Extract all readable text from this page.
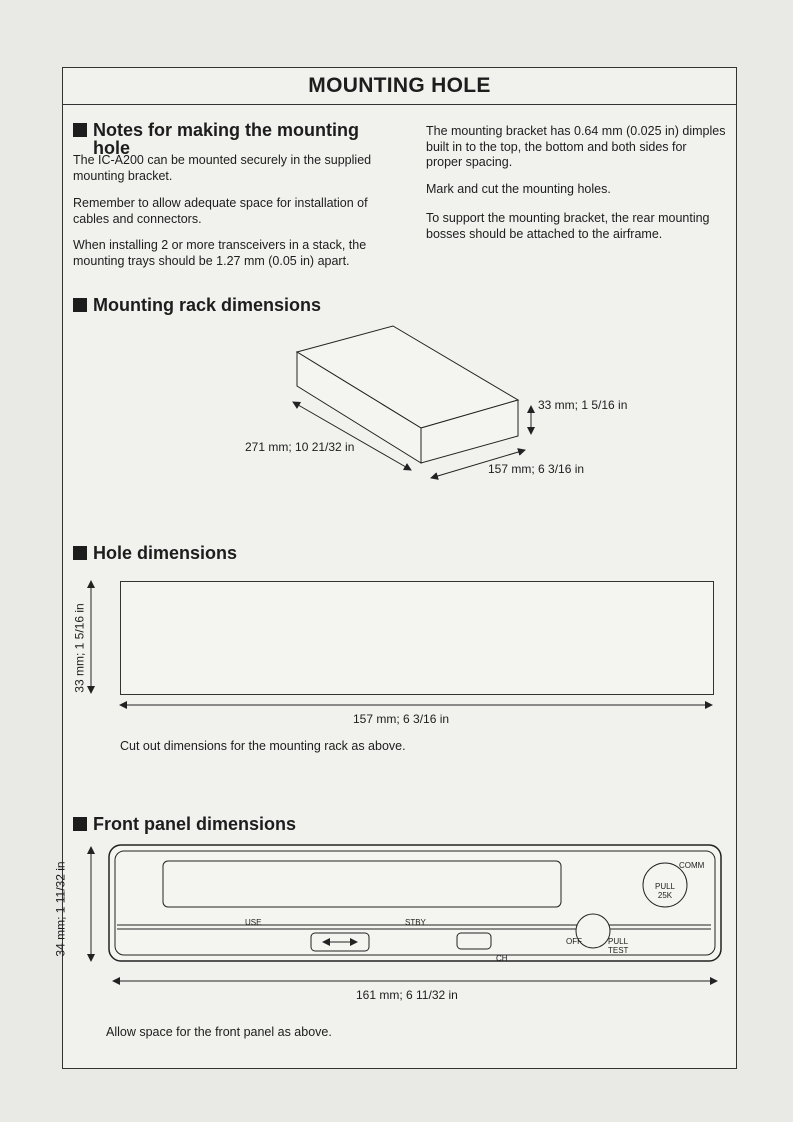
MOUNTING HOLE
Notes for making the mounting hole
The IC-A200 can be mounted securely in the supplied mounting bracket.
Remember to allow adequate space for installation of cables and connectors.
When installing 2 or more transceivers in a stack, the mounting trays should be 1.27 mm (0.05 in) apart.
The mounting bracket has 0.64 mm (0.025 in) dimples built in to the top, the bottom and both sides for proper spacing.
Mark and cut the mounting holes.
To support the mounting bracket, the rear mounting bosses should be attached to the airframe.
Mounting rack dimensions
33 mm; 1 5/16 in
271 mm; 10 21/32 in
157 mm; 6 3/16 in
Hole dimensions
33 mm; 1 5/16 in
157 mm; 6 3/16 in
Cut out dimensions for the mounting rack as above.
Front panel dimensions
34 mm; 1 11/32 in
161 mm; 6 11/32 in
USE	STBY
CH
COMM
PULL 25K
OFF	PULL TEST
Allow space for the front panel as above.
